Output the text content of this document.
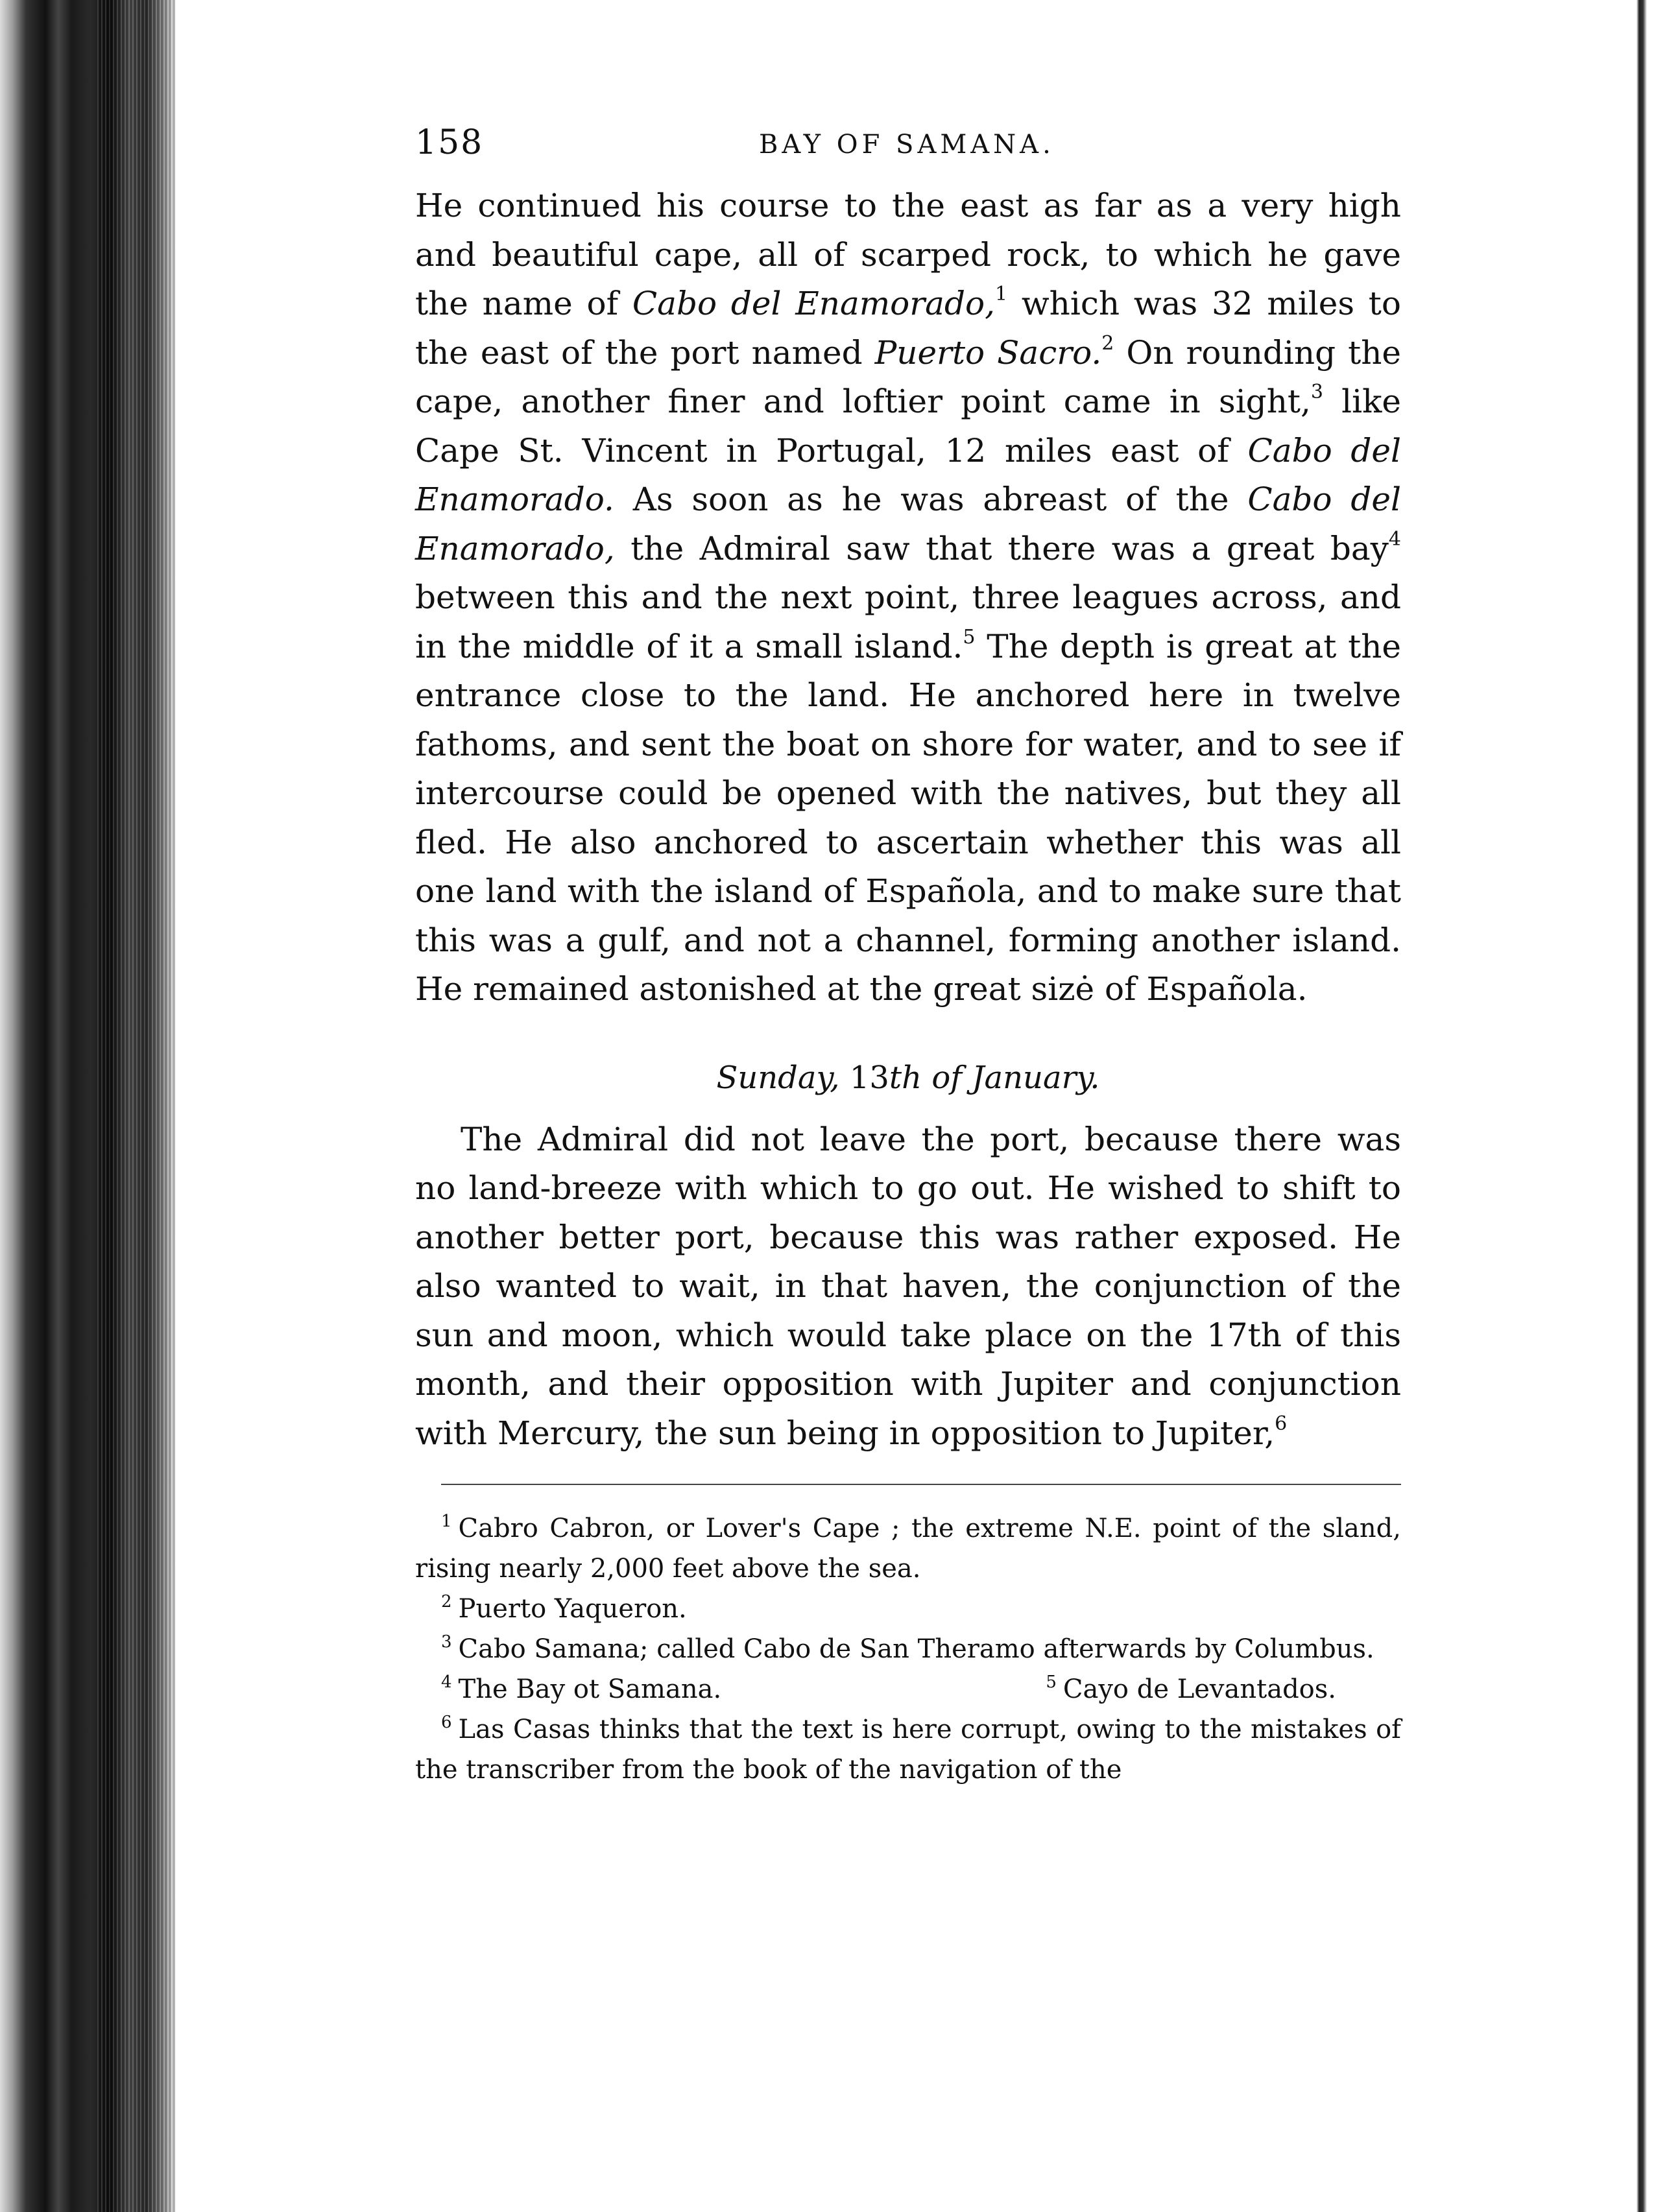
158	BAY OF SAMANA.

He continued his course to the east as far as a very high and beautiful cape, all of scarped rock, to which he gave the name of Cabo del Enamorado,$^1$ which was 32 miles to the east of the port named Puerto Sacro.$^2$ On rounding the cape, another finer and loftier point came in sight,$^3$ like Cape St. Vincent in Portugal, 12 miles east of Cabo del Enamorado. As soon as he was abreast of the Cabo del Enamorado, the Admiral saw that there was a great bay$^4$ between this and the next point, three leagues across, and in the middle of it a small island.$^5$ The depth is great at the entrance close to the land. He anchored here in twelve fathoms, and sent the boat on shore for water, and to see if intercourse could be opened with the natives, but they all fled. He also anchored to ascertain whether this was all one land with the island of Española, and to make sure that this was a gulf, and not a channel, forming another island. He remained astonished at the great sizė of Española.

Sunday, 13th of January.

The Admiral did not leave the port, because there was no land-breeze with which to go out. He wished to shift to another better port, because this was rather exposed. He also wanted to wait, in that haven, the conjunction of the sun and moon, which would take place on the 17th of this month, and their opposition with Jupiter and conjunction with Mercury, the sun being in opposition to Jupiter,$^6$

$^1$ Cabro Cabron, or Lover's Cape ; the extreme N.E. point of the sland, rising nearly 2,000 feet above the sea.

$^2$ Puerto Yaqueron.

$^3$ Cabo Samana; called Cabo de San Theramo afterwards by Columbus.

$^4$ The Bay ot Samana.	$^5$ Cayo de Levantados.

$^6$ Las Casas thinks that the text is here corrupt, owing to the mistakes of the transcriber from the book of the navigation of the
